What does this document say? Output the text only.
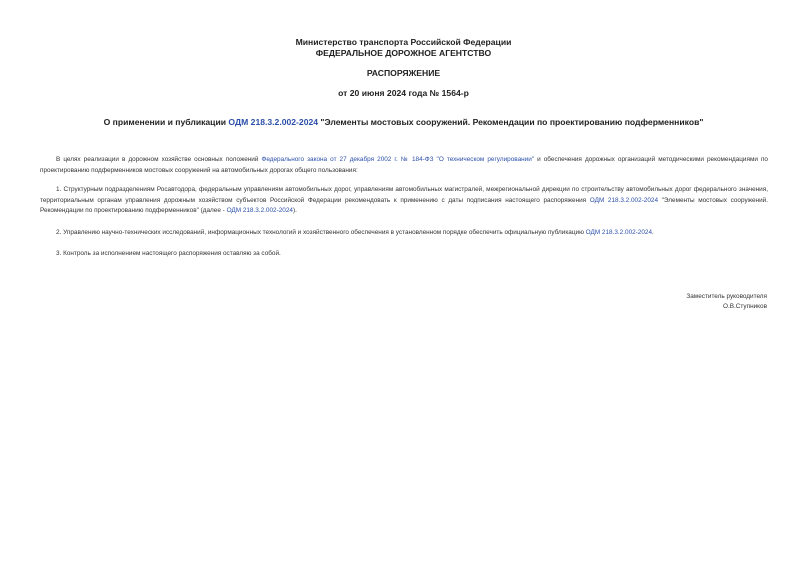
Министерство транспорта Российской Федерации
ФЕДЕРАЛЬНОЕ ДОРОЖНОЕ АГЕНТСТВО
РАСПОРЯЖЕНИЕ
от 20 июня 2024 года № 1564-р
О применении и публикации ОДМ 218.3.2.002-2024 "Элементы мостовых сооружений. Рекомендации по проектированию подферменников"
В целях реализации в дорожном хозяйстве основных положений Федерального закона от 27 декабря 2002 г. № 184-ФЗ "О техническом регулировании" и обеспечения дорожных организаций методическими рекомендациями по проектированию подферменников мостовых сооружений на автомобильных дорогах общего пользования:
1. Структурным подразделениям Росавтодора, федеральным управлениям автомобильных дорог, управлениям автомобильных магистралей, межрегиональной дирекции по строительству автомобильных дорог федерального значения, территориальным органам управления дорожным хозяйством субъектов Российской Федерации рекомендовать к применению с даты подписания настоящего распоряжения ОДМ 218.3.2.002-2024 "Элементы мостовых сооружений. Рекомендации по проектированию подферменников" (далее - ОДМ 218.3.2.002-2024).
2. Управлению научно-технических исследований, информационных технологий и хозяйственного обеспечения в установленном порядке обеспечить официальную публикацию ОДМ 218.3.2.002-2024.
3. Контроль за исполнением настоящего распоряжения оставляю за собой.
Заместитель руководителя
О.В.Ступников
